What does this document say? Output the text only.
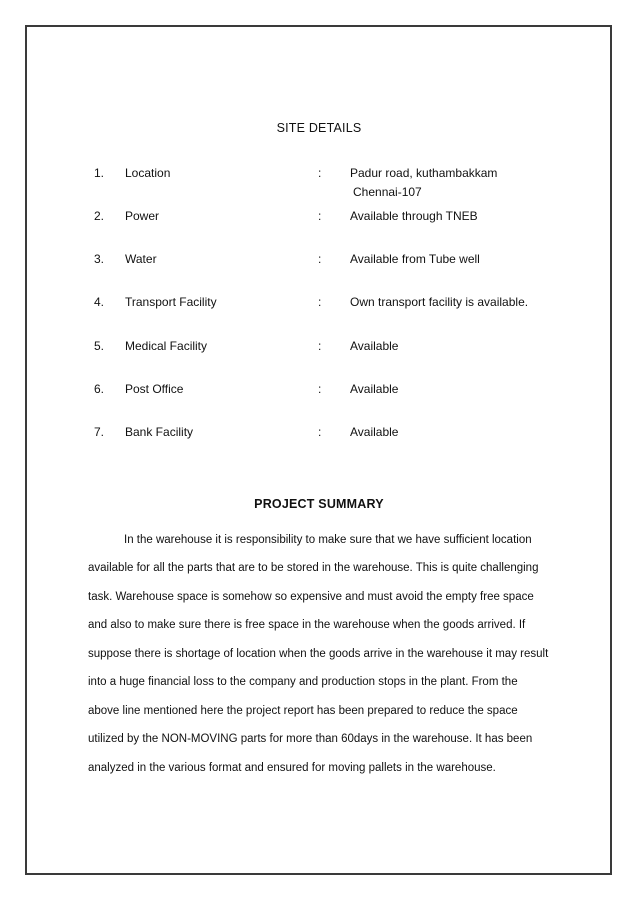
SITE DETAILS
1. Location	: Padur road, kuthambakkam
Chennai-107
2. Power	: Available through TNEB
3. Water	: Available from Tube well
4. Transport Facility	: Own transport facility is available.
5. Medical Facility	: Available
6. Post Office	: Available
7. Bank Facility	: Available
PROJECT SUMMARY
In the warehouse it is responsibility to make sure that we have sufficient location
available for all the parts that are to be stored in the warehouse. This is quite challenging
task. Warehouse space is somehow so expensive and must avoid the empty free space
and also to make sure there is free space in the warehouse when the goods arrived. If
suppose there is shortage of location when the goods arrive in the warehouse it may result
into a huge financial loss to the company and production stops in the plant. From the
above line mentioned here the project report has been prepared to reduce the space
utilized by the NON-MOVING parts for more than 60days in the warehouse. It has been
analyzed in the various format and ensured for moving pallets in the warehouse.
